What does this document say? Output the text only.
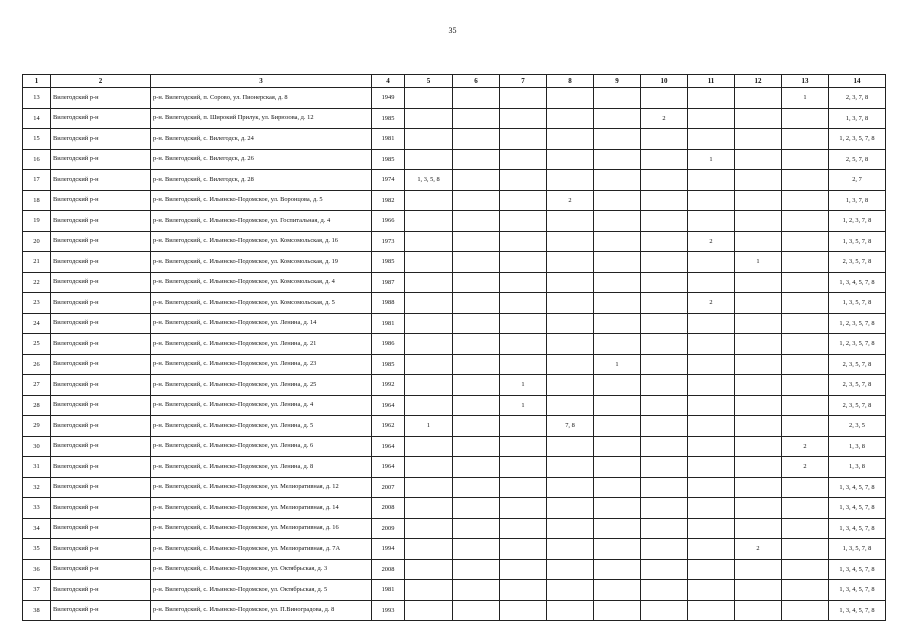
35
1	2	3	4	5	6	7	8	9	10	11	12	13	14
13	Вилегодский р-н	р-н. Вилегодский, п. Сорово, ул. Пионерская, д. 8	1949									1	2, 3, 7, 8
14	Вилегодский р-н	р-н. Вилегодский, п. Широкий Прилук, ул. Бирюзова, д. 12	1985						2				1, 3, 7, 8
15	Вилегодский р-н	р-н. Вилегодский, с. Вилегодск, д. 24	1981										1, 2, 3, 5, 7, 8
16	Вилегодский р-н	р-н. Вилегодский, с. Вилегодск, д. 26	1985							1			2, 5, 7, 8
17	Вилегодский р-н	р-н. Вилегодский, с. Вилегодск, д. 28	1974	1, 3, 5, 8									2, 7
18	Вилегодский р-н	р-н. Вилегодский, с. Ильинско-Подомское, ул. Воронцова, д. 5	1982				2						1, 3, 7, 8
19	Вилегодский р-н	р-н. Вилегодский, с. Ильинско-Подомское, ул. Госпитальная, д. 4	1966										1, 2, 3, 7, 8
20	Вилегодский р-н	р-н. Вилегодский, с. Ильинско-Подомское, ул. Комсомольская, д. 16	1973							2			1, 3, 5, 7, 8
21	Вилегодский р-н	р-н. Вилегодский, с. Ильинско-Подомское, ул. Комсомольская, д. 19	1985								1		2, 3, 5, 7, 8
22	Вилегодский р-н	р-н. Вилегодский, с. Ильинско-Подомское, ул. Комсомольская, д. 4	1987										1, 3, 4, 5, 7, 8
23	Вилегодский р-н	р-н. Вилегодский, с. Ильинско-Подомское, ул. Комсомольская, д. 5	1988							2			1, 3, 5, 7, 8
24	Вилегодский р-н	р-н. Вилегодский, с. Ильинско-Подомское, ул. Ленина, д. 14	1981										1, 2, 3, 5, 7, 8
25	Вилегодский р-н	р-н. Вилегодский, с. Ильинско-Подомское, ул. Ленина, д. 21	1986										1, 2, 3, 5, 7, 8
26	Вилегодский р-н	р-н. Вилегодский, с. Ильинско-Подомское, ул. Ленина, д. 23	1985					1					2, 3, 5, 7, 8
27	Вилегодский р-н	р-н. Вилегодский, с. Ильинско-Подомское, ул. Ленина, д. 25	1992			1							2, 3, 5, 7, 8
28	Вилегодский р-н	р-н. Вилегодский, с. Ильинско-Подомское, ул. Ленина, д. 4	1964			1							2, 3, 5, 7, 8
29	Вилегодский р-н	р-н. Вилегодский, с. Ильинско-Подомское, ул. Ленина, д. 5	1962	1			7, 8						2, 3, 5
30	Вилегодский р-н	р-н. Вилегодский, с. Ильинско-Подомское, ул. Ленина, д. 6	1964									2	1, 3, 8
31	Вилегодский р-н	р-н. Вилегодский, с. Ильинско-Подомское, ул. Ленина, д. 8	1964									2	1, 3, 8
32	Вилегодский р-н	р-н. Вилегодский, с. Ильинско-Подомское, ул. Мелиоративная, д. 12	2007										1, 3, 4, 5, 7, 8
33	Вилегодский р-н	р-н. Вилегодский, с. Ильинско-Подомское, ул. Мелиоративная, д. 14	2008										1, 3, 4, 5, 7, 8
34	Вилегодский р-н	р-н. Вилегодский, с. Ильинско-Подомское, ул. Мелиоративная, д. 16	2009										1, 3, 4, 5, 7, 8
35	Вилегодский р-н	р-н. Вилегодский, с. Ильинско-Подомское, ул. Мелиоративная, д. 7А	1994								2		1, 3, 5, 7, 8
36	Вилегодский р-н	р-н. Вилегодский, с. Ильинско-Подомское, ул. Октябрьская, д. 3	2008										1, 3, 4, 5, 7, 8
37	Вилегодский р-н	р-н. Вилегодский, с. Ильинско-Подомское, ул. Октябрьская, д. 5	1981										1, 3, 4, 5, 7, 8
38	Вилегодский р-н	р-н. Вилегодский, с. Ильинско-Подомское, ул. П.Виноградова, д. 8	1993										1, 3, 4, 5, 7, 8
